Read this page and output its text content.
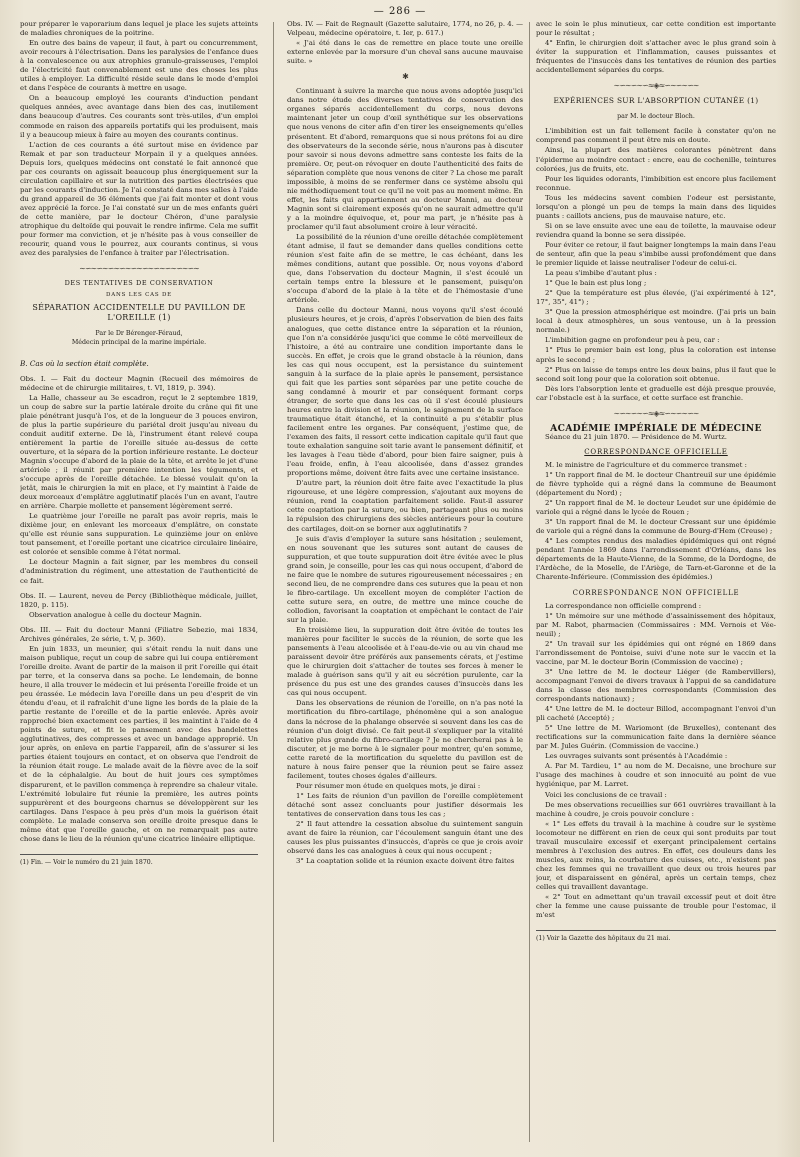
— 286 —

pour préparer le vaporarium dans lequel je place les sujets atteints de maladies chroniques de la poitrine.

En outre des bains de vapeur, il faut, à part ou concurremment, avoir recours à l'électrisation. Dans les paralysies de l'enfance dues à la convalescence ou aux atrophies granulo-graisseuses, l'emploi de l'électricité faut convenablement est une des choses les plus utiles à employer. La difficulté réside seule dans le mode d'emploi et dans l'espèce de courants à mettre en usage.

On a beaucoup employé les courants d'induction pendant quelques années, avec avantage dans bien des cas, inutilement dans beaucoup d'autres. Ces courants sont très-utiles, d'un emploi commode en raison des appareils portatifs qui les produisent, mais il y a beaucoup mieux à faire au moyen des courants continus.

L'action de ces courants a été surtout mise en évidence par Remak et par son traducteur Morpain il y a quelques années. Depuis lors, quelques médecins ont constaté le fait annoncé que par ces courants on agissait beaucoup plus énergiquement sur la circulation capillaire et sur la nutrition des parties électrisées que par les courants d'induction. Je l'ai constaté dans mes salles à l'aide du grand appareil de 36 éléments que j'ai fait monter et dont vous avez apprécié la force. Je l'ai constaté sur un de mes enfants guéri de cette manière, par le docteur Chéron, d'une paralysie atrophique du deltoïde qui pouvait le rendre infirme. Cela me suffit pour former ma conviction, et je n'hésite pas à vous conseiller de recourir, quand vous le pourrez, aux courants continus, si vous avez des paralysies de l'enfance à traiter par l'électrisation.

∼∽∼∽∼∽∼∽∼∽∼∽∼∽∼∽∼∽∼∽∼
DES TENTATIVES DE CONSERVATION
DANS LES CAS DE
SÉPARATION ACCIDENTELLE DU PAVILLON DE L'OREILLE (1)
Par le Dr Bérenger-Féraud,
Médecin principal de la marine impériale.
B. Cas où la section était complète.

Obs. I. — Fait du docteur Magnin (Recueil des mémoires de médecine et de chirurgie militaires, t. VI, 1819, p. 394).

La Halle, chasseur au 3e escadron, reçut le 2 septembre 1819, un coup de sabre sur la partie latérale droite du crâne qui fit une plaie pénétrant jusqu'à l'os, et de la longueur de 3 pouces environ, de plus la partie supérieure du pariétal droit jusqu'au niveau du conduit auditif externe. De là, l'instrument étant relevé coupa entièrement la partie de l'oreille située au-dessus de cette ouverture, et la sépara de la portion inférieure restante. Le docteur Magnin s'occupe d'abord de la plaie de la tête, et arrête le jet d'une artériole ; il réunit par première intention les téguments, et s'occupe après de l'oreille détachée. Le blessé voulait qu'on la jetât, mais le chirurgien la mit en place, et l'y maintint à l'aide de deux morceaux d'emplâtre agglutinatif placés l'un en avant, l'autre en arrière. Charpie mollette et pansement légèrement serré.

Le quatrième jour l'oreille ne paraît pas avoir repris, mais le dixième jour, en enlevant les morceaux d'emplâtre, on constate qu'elle est réunie sans suppuration. Le quinzième jour on enlève tout pansement, et l'oreille portant une cicatrice circulaire linéaire, est colorée et sensible comme à l'état normal.

Le docteur Magnin a fait signer, par les membres du conseil d'administration du régiment, une attestation de l'authenticité de ce fait.

Obs. II. — Laurent, neveu de Percy (Bibliothèque médicale, juillet, 1820, p. 115).

Observation analogue à celle du docteur Magnin.

Obs. III. — Fait du docteur Manni (Filiatre Sebezio, mai 1834, Archives générales, 2e série, t. V, p. 360).

En juin 1833, un meunier, qui s'était rendu la nuit dans une maison publique, reçut un coup de sabre qui lui coupa entièrement l'oreille droite. Avant de partir de la maison il prit l'oreille qui était par terre, et la conserva dans sa poche. Le lendemain, de bonne heure, il alla trouver le médecin et lui présenta l'oreille froide et un peu érassée. Le médecin lava l'oreille dans un peu d'esprit de vin étendu d'eau, et il rafraîchit d'une ligne les bords de la plaie de la partie restante de l'oreille et de la partie enlevée. Après avoir rapproché bien exactement ces parties, il les maintint à l'aide de 4 points de suture, et fit le pansement avec des bandelettes agglutinatives, des compresses et avec un bandage approprié. Un jour après, on enleva en partie l'appareil, afin de s'assurer si les parties étaient toujours en contact, et on observa que l'endroit de la réunion était rouge. Le malade avait de la fièvre avec de la soif et de la céphalalgie. Au bout de huit jours ces symptômes disparurent, et le pavillon commença à reprendre sa chaleur vitale. L'extrémité lobulaire fut réunie la première, les autres points suppurèrent et des bourgeons charnus se développèrent sur les cartilages. Dans l'espace à peu près d'un mois la guérison était complète. Le malade conserva son oreille droite presque dans le même état que l'oreille gauche, et on ne remarquait pas autre chose dans le lieu de la réunion qu'une cicatrice linéaire elliptique.

(1) Fin. — Voir le numéro du 21 juin 1870.

Obs. IV. — Fait de Regnault (Gazette salutaire, 1774, no 26, p. 4. — Velpeau, médecine opératoire, t. Ier, p. 617.)

« J'ai été dans le cas de remettre en place toute une oreille externe enlevée par la morsure d'un cheval sans aucune mauvaise suite. »

✱

Continuant à suivre la marche que nous avons adoptée jusqu'ici dans notre étude des diverses tentatives de conservation des organes séparés accidentellement du corps, nous devons maintenant jeter un coup d'œil synthétique sur les observations que nous venons de citer afin d'en tirer les enseignements qu'elles présentent. Et d'abord, remarquons que si nous prétons foi au dire des observateurs de la seconde série, nous n'aurons pas à discuter pour savoir si nous devons admettre sans conteste les faits de la première. Or, peut-on révoquer en doute l'authenticité des faits de séparation complète que nous venons de citer ? La chose me paraît impossible, à moins de se renfermer dans ce système absolu qui nie méthodiquement tout ce qu'il ne voit pas au moment même. En effet, les faits qui appartiennent au docteur Manni, au docteur Magnin sont si clairement exposés qu'on ne saurait admettre qu'il y a la moindre équivoque, et, pour ma part, je n'hésite pas à proclamer qu'il faut absolument croire à leur véracité.

La possibilité de la réunion d'une oreille détachée complètement étant admise, il faut se demander dans quelles conditions cette réunion s'est faite afin de se mettre, le cas échéant, dans les mêmes conditions, autant que possible. Or, nous voyons d'abord que, dans l'observation du docteur Magnin, il s'est écoulé un certain temps entre la blessure et le pansement, puisqu'on s'occupa d'abord de la plaie à la tête et de l'hémostasie d'une artériole.

Dans celle du docteur Manni, nous voyons qu'il s'est écoulé plusieurs heures, et je crois, d'après l'observation de bien des faits analogues, que cette distance entre la séparation et la réunion, que l'on n'a considérée jusqu'ici que comme le côté merveilleux de l'histoire, a été au contraire une condition importante dans le succès. En effet, je crois que le grand obstacle à la réunion, dans les cas qui nous occupent, est la persistance du suintement sanguin à la surface de la plaie après le pansement, persistance qui fait que les parties sont séparées par une petite couche de sang condamné à mourir et par conséquent formant corps étranger, de sorte que dans les cas où il s'est écoulé plusieurs heures entre la division et la réunion, le saignement de la surface traumatique était étanché, et la continuité a pu s'établir plus facilement entre les organes. Par conséquent, j'estime que, de l'examen des faits, il ressort cette indication capitale qu'il faut que toute exhalation sanguine soit tarie avant le pansement définitif, et les lavages à l'eau tiède d'abord, pour bien faire saigner, puis à l'eau froide, enfin, à l'eau alcoolisée, dans d'assez grandes proportions même, doivent être faits avec une certaine insistance.

D'autre part, la réunion doit être faite avec l'exactitude la plus rigoureuse, et une légère compression, s'ajoutant aux moyens de réunion, rend la coaptation parfaitement solide. Faut-il assurer cette coaptation par la suture, ou bien, partageant plus ou moins la répulsion des chirurgiens des siècles antérieurs pour la couture des cartilages, doit-on se borner aux agglutinatifs ?

Je suis d'avis d'employer la suture sans hésitation ; seulement, en nous souvenant que les sutures sont autant de causes de suppuration, et que toute suppuration doit être évitée avec le plus grand soin, je conseille, pour les cas qui nous occupent, d'abord de ne faire que le nombre de sutures rigoureusement nécessaires ; en second lieu, de ne comprendre dans ces sutures que la peau et non le fibro-cartilage. Un excellent moyen de compléter l'action de cette suture sera, en outre, de mettre une mince couche de collodion, favorisant la coaptation et empêchant le contact de l'air sur la plaie.

En troisième lieu, la suppuration doit être évitée de toutes les manières pour faciliter le succès de la réunion, de sorte que les pansements à l'eau alcoolisée et à l'eau-de-vie ou au vin chaud me paraissent devoir être préférés aux pansements cérats, et j'estime que le chirurgien doit s'attacher de toutes ses forces à mener le malade à guérison sans qu'il y ait eu sécrétion purulente, car la présence du pus est une des grandes causes d'insuccès dans les cas qui nous occupent.

Dans les observations de réunion de l'oreille, on n'a pas noté la mortification du fibro-cartilage, phénomène qui a son analogue dans la nécrose de la phalange observée si souvent dans les cas de réunion d'un doigt divisé. Ce fait peut-il s'expliquer par la vitalité relative plus grande du fibro-cartilage ? Je ne chercherai pas à le discuter, et je me borne à le signaler pour montrer, qu'en somme, cette rareté de la mortification du squelette du pavillon est de nature à nous faire penser que la réunion peut se faire assez facilement, toutes choses égales d'ailleurs.

Pour résumer mon étude en quelques mots, je dirai :

1° Les faits de réunion d'un pavillon de l'oreille complètement détaché sont assez concluants pour justifier désormais les tentatives de conservation dans tous les cas ;

2° Il faut attendre la cessation absolue du suintement sanguin avant de faire la réunion, car l'écoulement sanguin étant une des causes les plus puissantes d'insuccès, d'après ce que je crois avoir observé dans les cas analogues à ceux qui nous occupent ;

3° La coaptation solide et la réunion exacte doivent être faites

avec le soin le plus minutieux, car cette condition est importante pour le résultat ;

4° Enfin, le chirurgien doit s'attacher avec le plus grand soin à éviter la suppuration et l'inflammation, causes puissantes et fréquentes de l'insuccès dans les tentatives de réunion des parties accidentellement séparées du corps.

∼∽∼∽∼∽≈◈≈∽∼∽∼∽∼
EXPÉRIENCES SUR L'ABSORPTION CUTANÉE (1)
par M. le docteur Bloch.

L'imbibition est un fait tellement facile à constater qu'on ne comprend pas comment il peut être mis en doute.

Ainsi, la plupart des matières colorantes pénètrent dans l'épiderme au moindre contact : encre, eau de cochenille, teintures colorées, jus de fruits, etc.

Pour les liquides odorants, l'imbibition est encore plus facilement reconnue.

Tous les médecins savent combien l'odeur est persistante, lorsqu'on a plongé un peu de temps la main dans des liquides puants : caillots anciens, pus de mauvaise nature, etc.

Si on se lave ensuite avec une eau de toilette, la mauvaise odeur reviendra quand la bonne se sera dissipée.

Pour éviter ce retour, il faut baigner longtemps la main dans l'eau de senteur, afin que la peau s'imbibe aussi profondément que dans le premier liquide et laisse neutraliser l'odeur de celui-ci.

La peau s'imbibe d'autant plus :

1° Que le bain est plus long ;

2° Que la température est plus élevée, (j'ai expérimenté à 12°, 17°, 35°, 41°) ;

3° Que la pression atmosphérique est moindre. (J'ai pris un bain local à deux atmosphères, un sous ventouse, un à la pression normale.)

L'imbibition gagne en profondeur peu à peu, car :

1° Plus le premier bain est long, plus la coloration est intense après le second ;

2° Plus on laisse de temps entre les deux bains, plus il faut que le second soit long pour que la coloration soit obtenue.

Dès lors l'absorption lente et graduelle est déjà presque prouvée, car l'obstacle est à la surface, et cette surface est franchie.

∼∽∼∽∼∽≈◈≈∽∼∽∼∽∼
ACADÉMIE IMPÉRIALE DE MÉDECINE

Séance du 21 juin 1870. — Présidence de M. Wurtz.

CORRESPONDANCE OFFICIELLE

M. le ministre de l'agriculture et du commerce transmet :

1° Un rapport final de M. le docteur Chantreuil sur une épidémie de fièvre typhoïde qui a régné dans la commune de Beaumont (département du Nord) ;

2° Un rapport final de M. le docteur Leudet sur une épidémie de variole qui a régné dans le lycée de Rouen ;

3° Un rapport final de M. le docteur Cressant sur une épidémie de variole qui a régné dans la commune de Bourg-d'Hem (Creuse) ;

4° Les comptes rendus des maladies épidémiques qui ont régné pendant l'année 1869 dans l'arrondissement d'Orléans, dans les départements de la Haute-Vienne, de la Somme, de la Dordogne, de l'Ardèche, de la Moselle, de l'Ariège, de Tarn-et-Garonne et de la Charente-Inférieure. (Commission des épidémies.)

CORRESPONDANCE NON OFFICIELLE

La correspondance non officielle comprend :

1° Un mémoire sur une méthode d'assainissement des hôpitaux, par M. Rabot, pharmacien (Commissaires : MM. Vernois et Vée-neuil) ;

2° Un travail sur les épidémies qui ont régné en 1869 dans l'arrondissement de Pontoise, suivi d'une note sur le vaccin et la vaccine, par M. le docteur Borin (Commission de vaccine) ;

3° Une lettre de M. le docteur Liéger (de Rambervillers), accompagnant l'envoi de divers travaux à l'appui de sa candidature dans la classe des membres correspondants (Commission des correspondants nationaux) ;

4° Une lettre de M. le docteur Billod, accompagnant l'envoi d'un pli cacheté (Accepté) ;

5° Une lettre de M. Wariomont (de Bruxelles), contenant des rectifications sur la communication faite dans la dernière séance par M. Jules Guérin. (Commission de vaccine.)

Les ouvrages suivants sont présentés à l'Académie :

A. Par M. Tardieu, 1° au nom de M. Decaisne, une brochure sur l'usage des machines à coudre et son innocuité au point de vue hygiénique, par M. Larret.

Voici les conclusions de ce travail :

De mes observations recueillies sur 661 ouvrières travaillant à la machine à coudre, je crois pouvoir conclure :

« 1° Les effets du travail à la machine à coudre sur le système locomoteur ne diffèrent en rien de ceux qui sont produits par tout travail musculaire excessif et exerçant principalement certains membres à l'exclusion des autres. En effet, ces douleurs dans les muscles, aux reins, la courbature des cuisses, etc., n'existent pas chez les femmes qui ne travaillent que deux ou trois heures par jour, et disparaissent en général, après un certain temps, chez celles qui travaillent davantage.

« 2° Tout en admettant qu'un travail excessif peut et doit être cher la femme une cause puissante de trouble pour l'estomac, il m'est

(1) Voir la Gazette des hôpitaux du 21 mai.
